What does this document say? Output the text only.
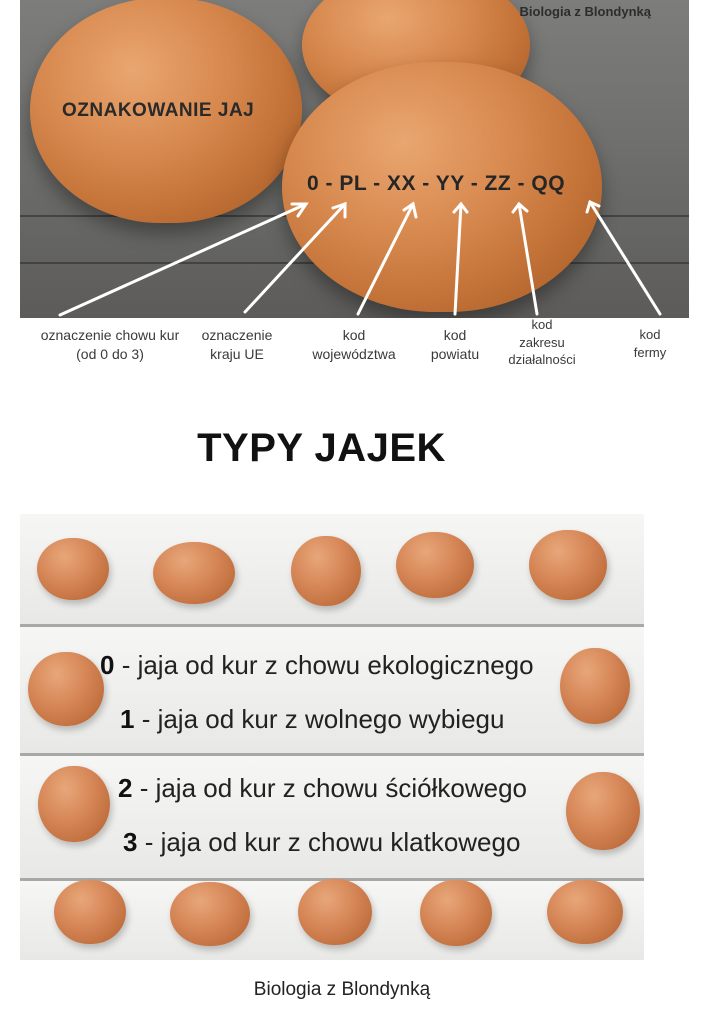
Biologia z Blondynką
OZNAKOWANIE JAJ
0 - PL - XX - YY - ZZ - QQ
oznaczenie chowu kur
(od 0 do 3)
oznaczenie
kraju UE
kod
województwa
kod
powiatu
kod
zakresu
działalności
kod
fermy
TYPY JAJEK
0 - jaja od kur z chowu ekologicznego
1 - jaja od kur z wolnego wybiegu
2 - jaja od kur z chowu ściółkowego
3 - jaja od kur z chowu klatkowego
Biologia z Blondynką
